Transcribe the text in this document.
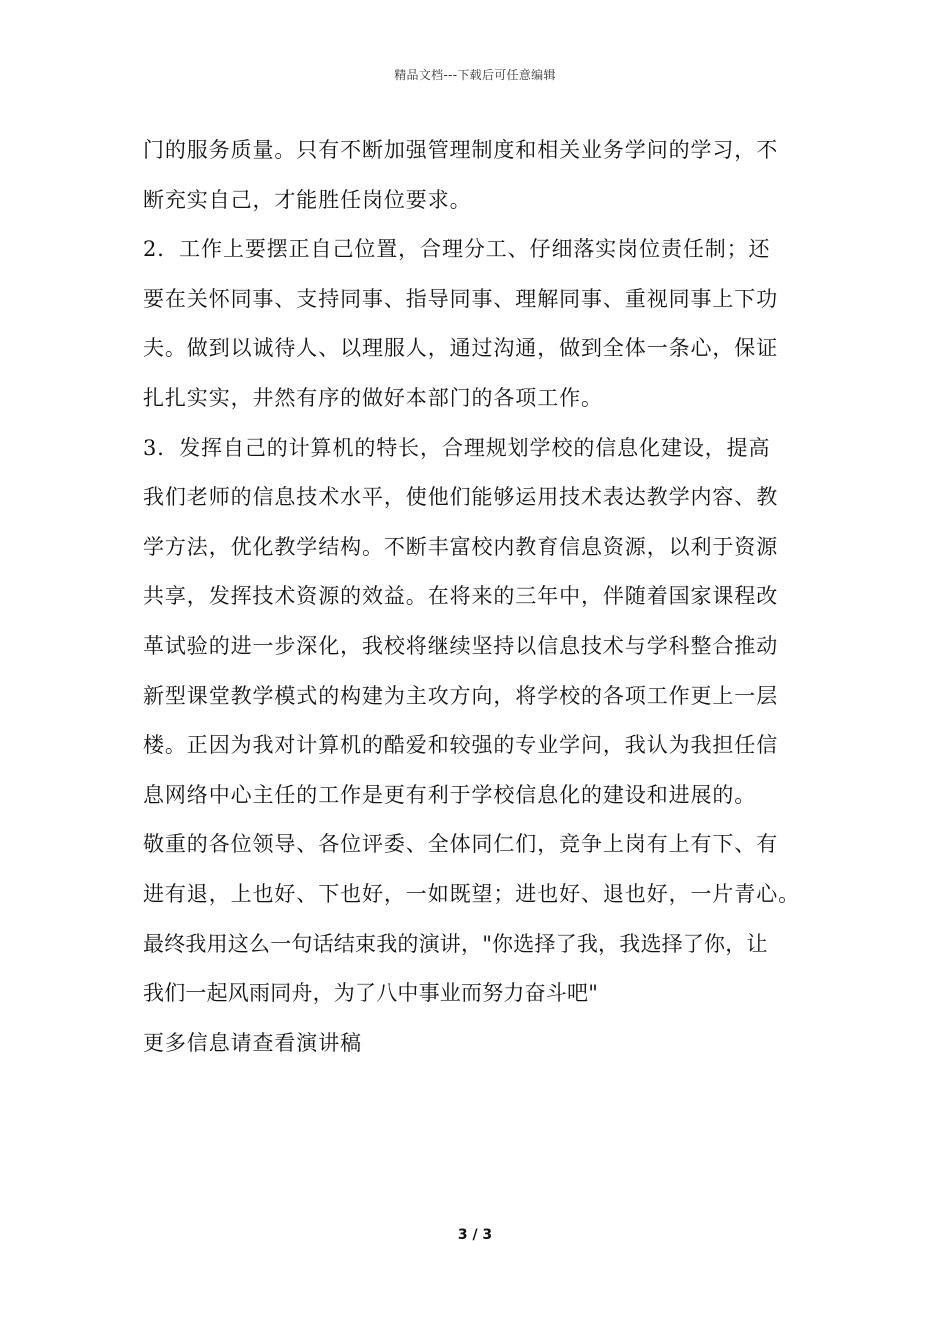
精品文档---下载后可任意编辑
门的服务质量。只有不断加强管理制度和相关业务学问的学习，不
断充实自己，才能胜任岗位要求。
2．工作上要摆正自己位置，合理分工、仔细落实岗位责任制；还
要在关怀同事、支持同事、指导同事、理解同事、重视同事上下功
夫。做到以诚待人、以理服人，通过沟通，做到全体一条心，保证
扎扎实实，井然有序的做好本部门的各项工作。
3．发挥自己的计算机的特长，合理规划学校的信息化建设，提高
我们老师的信息技术水平，使他们能够运用技术表达教学内容、教
学方法，优化教学结构。不断丰富校内教育信息资源，以利于资源
共享，发挥技术资源的效益。在将来的三年中，伴随着国家课程改
革试验的进一步深化，我校将继续坚持以信息技术与学科整合推动
新型课堂教学模式的构建为主攻方向，将学校的各项工作更上一层
楼。正因为我对计算机的酷爱和较强的专业学问，我认为我担任信
息网络中心主任的工作是更有利于学校信息化的建设和进展的。
敬重的各位领导、各位评委、全体同仁们，竞争上岗有上有下、有
进有退，上也好、下也好，一如既望；进也好、退也好，一片青心。
最终我用这么一句话结束我的演讲，"你选择了我，我选择了你，让
我们一起风雨同舟，为了八中事业而努力奋斗吧"
更多信息请查看演讲稿
3 / 3
